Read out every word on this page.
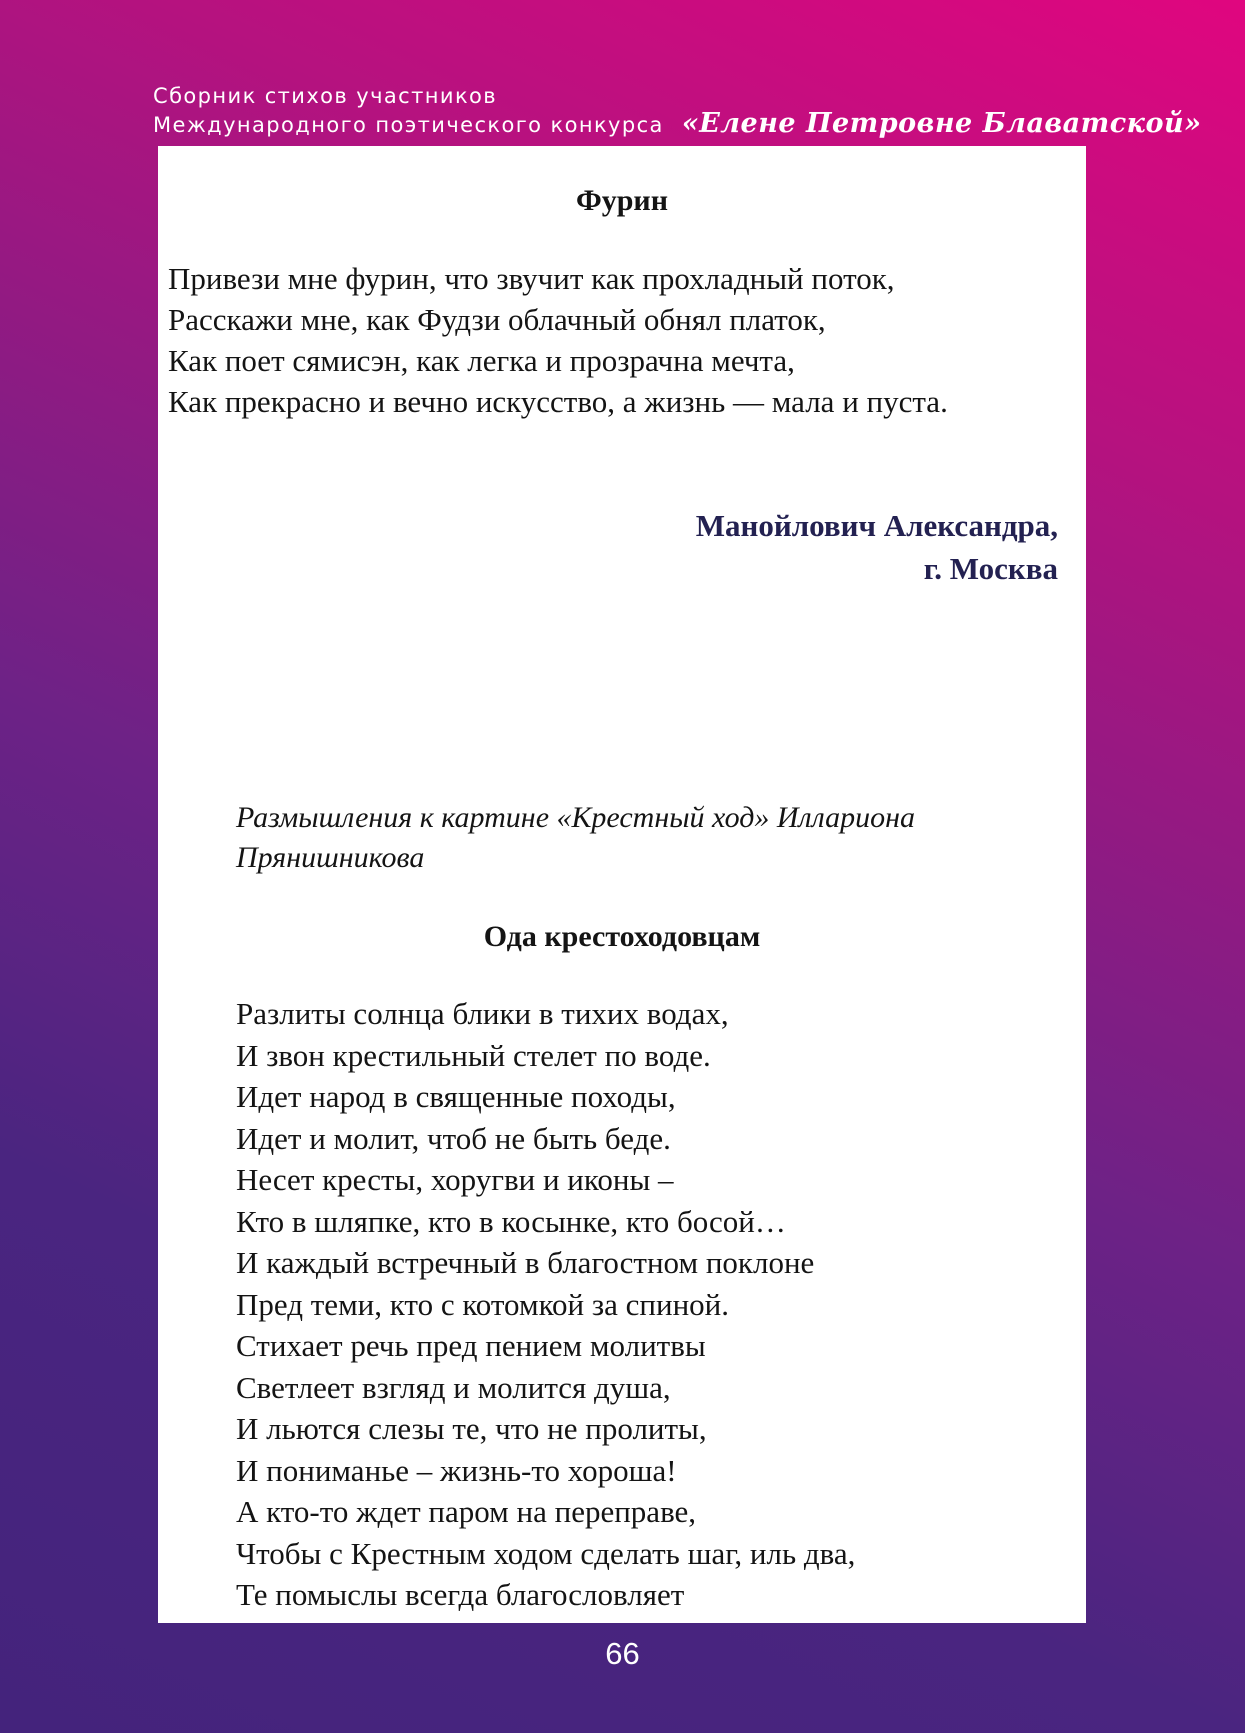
Сборник стихов участников
Международного поэтического конкурса «Елене Петровне Блаватской»
Фурин
Привези мне фурин, что звучит как прохладный поток,
Расскажи мне, как Фудзи облачный обнял платок,
Как поет сямисэн, как легка и прозрачна мечта,
Как прекрасно и вечно искусство, а жизнь — мала и пуста.
Манойлович Александра,
г. Москва
Размышления к картине «Крестный ход» Иллариона Прянишникова
Ода крестоходовцам
Разлиты солнца блики в тихих водах,
И звон крестильный стелет по воде.
Идет народ в священные походы,
Идет и молит, чтоб не быть беде.
Несет кресты, хоругви и иконы –
Кто в шляпке, кто в косынке, кто босой…
И каждый встречный в благостном поклоне
Пред теми, кто с котомкой за спиной.
Стихает речь пред пением молитвы
Светлеет взгляд и молится душа,
И льются слезы те, что не пролиты,
И пониманье – жизнь-то хороша!
А кто-то ждет паром на переправе,
Чтобы с Крестным ходом сделать шаг, иль два,
Те помыслы всегда благословляет
66
